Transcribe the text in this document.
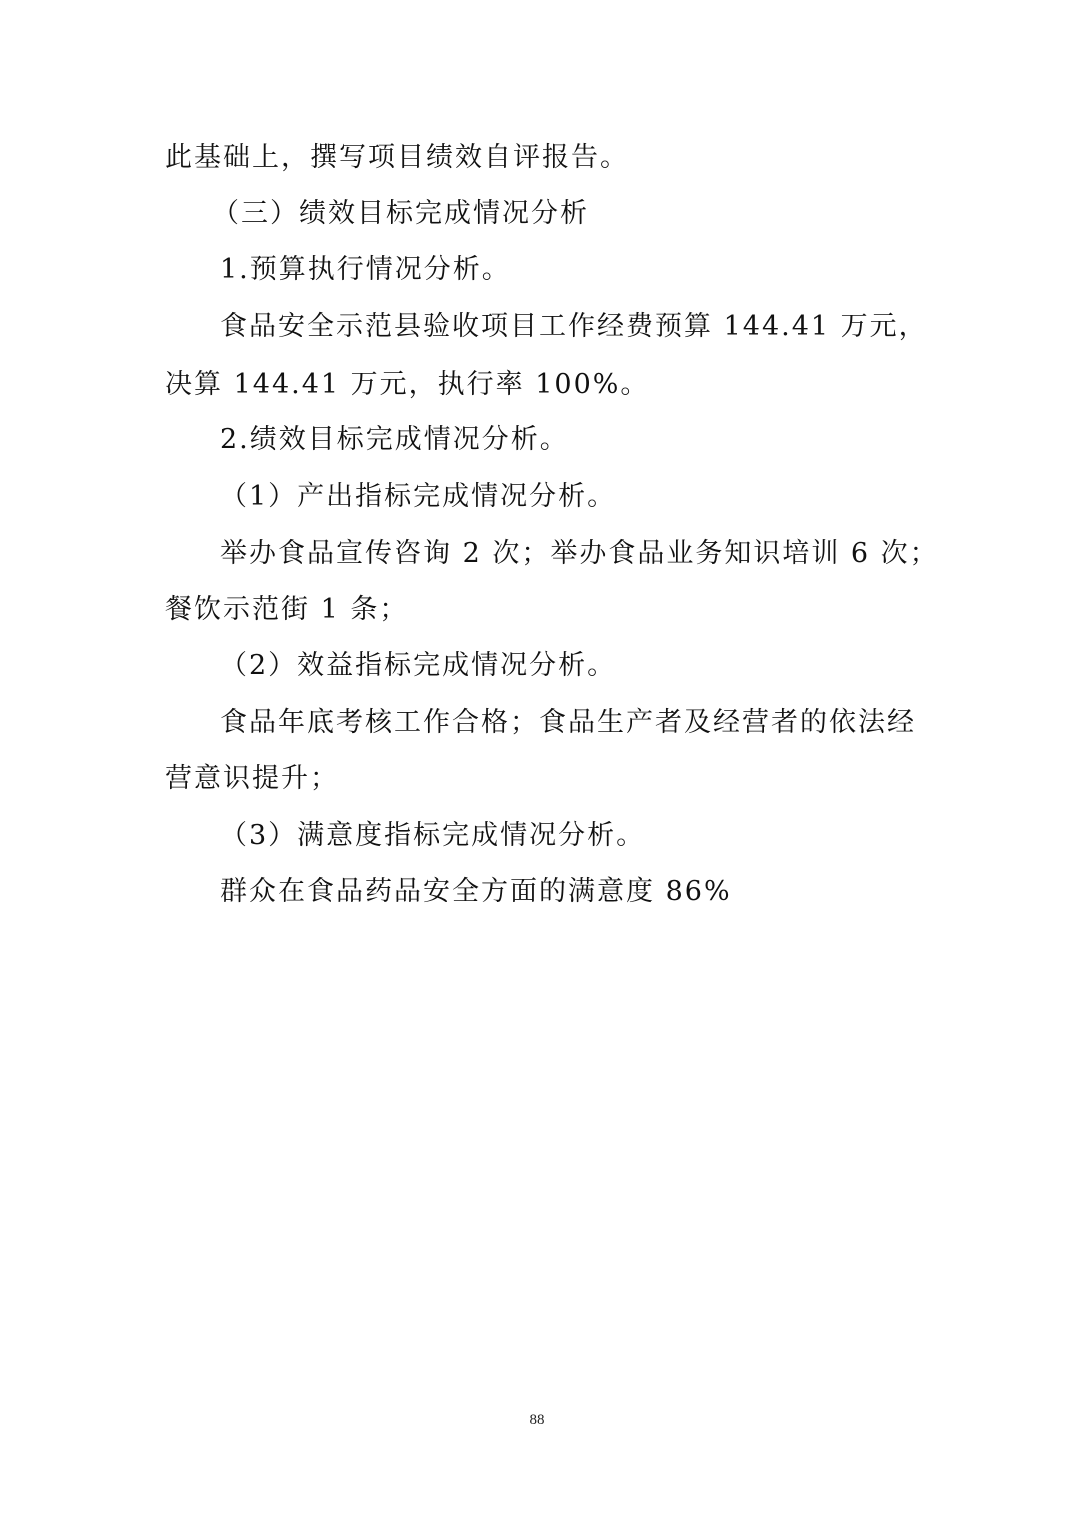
此基础上，撰写项目绩效自评报告。
（三）绩效目标完成情况分析
1.预算执行情况分析。
食品安全示范县验收项目工作经费预算 144.41 万元，
决算 144.41 万元，执行率 100%。
2.绩效目标完成情况分析。
（1）产出指标完成情况分析。
举办食品宣传咨询 2 次；举办食品业务知识培训 6 次；
餐饮示范街 1 条；
（2）效益指标完成情况分析。
食品年底考核工作合格；食品生产者及经营者的依法经
营意识提升；
（3）满意度指标完成情况分析。
群众在食品药品安全方面的满意度 86%
88
